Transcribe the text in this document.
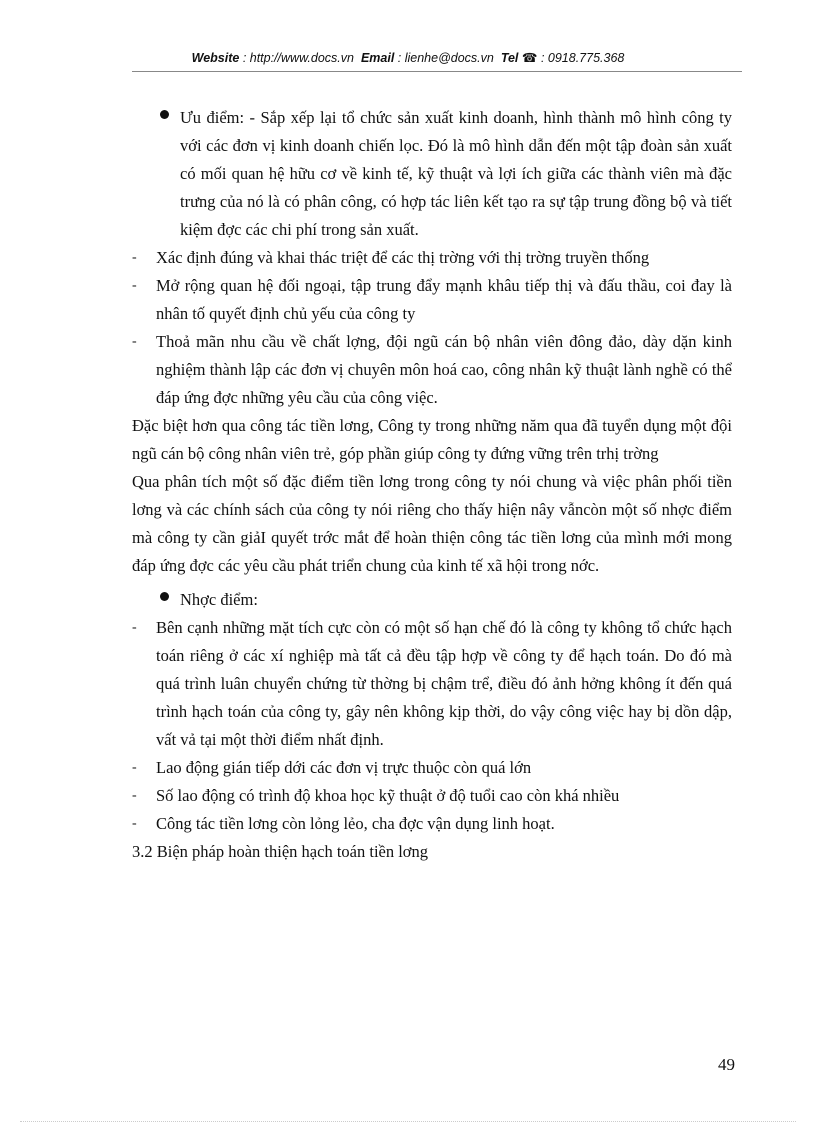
Website : http://www.docs.vn Email : lienhe@docs.vn Tel ☎ : 0918.775.368

Ưu điểm: - Sắp xếp lại tổ chức sản xuất kinh doanh, hình thành mô hình công ty với các đơn vị kinh doanh chiến lọc. Đó là mô hình dẫn đến một tập đoàn sản xuất có mối quan hệ hữu cơ về kinh tế, kỹ thuật và lợi ích giữa các thành viên mà đặc trưng của nó là có phân công, có hợp tác liên kết tạo ra sự tập trung đồng bộ và tiết kiệm đợc các chi phí trong sản xuất.

- Xác định đúng và khai thác triệt để các thị trờng với thị trờng truyền thống

- Mở rộng quan hệ đối ngoại, tập trung đẩy mạnh khâu tiếp thị và đấu thầu, coi đay là nhân tố quyết định chủ yếu của công ty

- Thoả mãn nhu cầu về chất lợng, đội ngũ cán bộ nhân viên đông đảo, dày dặn kinh nghiệm thành lập các đơn vị chuyên môn hoá cao, công nhân kỹ thuật lành nghề có thể đáp ứng đợc những yêu cầu của công việc.

Đặc biệt hơn qua công tác tiền lơng, Công ty trong những năm qua đã tuyển dụng một đội ngũ cán bộ công nhân viên trẻ, góp phần giúp công ty đứng vững trên trhị trờng

Qua phân tích một số đặc điểm tiền lơng trong công ty nói chung và việc phân phối tiền lơng và các chính sách của công ty nói riêng cho thấy hiện nây vẫncòn một số nhợc điểm mà công ty cần giảI quyết trớc mắt để hoàn thiện công tác tiền lơng của mình mới mong đáp ứng đợc các yêu cầu phát triển chung của kinh tế xã hội trong nớc.

Nhợc điểm:

- Bên cạnh những mặt tích cực còn có một số hạn chế đó là công ty không tổ chức hạch toán riêng ở các xí nghiệp mà tất cả đều tập hợp về công ty để hạch toán. Do đó mà quá trình luân chuyển chứng từ thờng bị chậm trể, điều đó ảnh hởng không ít đến quá trình hạch toán của công ty, gây nên không kịp thời, do vậy công việc hay bị dồn dập, vất vả tại một thời điểm nhất định.

- Lao động gián tiếp dới các đơn vị trực thuộc còn quá lớn

- Số lao động có trình độ khoa học kỹ thuật ở độ tuổi cao còn khá nhiều

- Công tác tiền lơng còn lỏng lẻo, cha đợc vận dụng linh hoạt.

3.2 Biện pháp hoàn thiện hạch toán tiền lơng

49
